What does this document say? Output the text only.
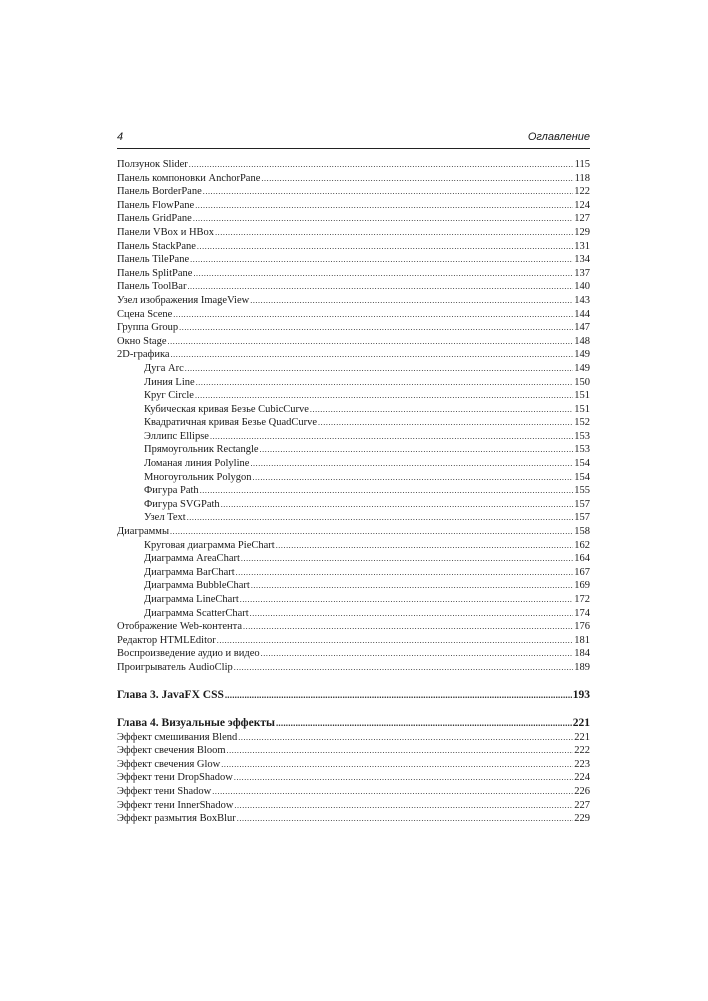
4	Оглавление
Ползунок Slider .....	115
Панель компоновки AnchorPane .....	118
Панель BorderPane .....	122
Панель FlowPane .....	124
Панель GridPane .....	127
Панели VBox и HBox .....	129
Панель StackPane .....	131
Панель TilePane .....	134
Панель SplitPane .....	137
Панель ToolBar .....	140
Узел изображения ImageView .....	143
Сцена Scene .....	144
Группа Group .....	147
Окно Stage .....	148
2D-графика .....	149
Дуга Arc .....	149
Линия Line .....	150
Круг Circle .....	151
Кубическая кривая Безье CubicCurve .....	151
Квадратичная кривая Безье QuadCurve .....	152
Эллипс Ellipse .....	153
Прямоугольник Rectangle .....	153
Ломаная линия Polyline .....	154
Многоугольник Polygon .....	154
Фигура Path .....	155
Фигура SVGPath .....	157
Узел Text .....	157
Диаграммы .....	158
Круговая диаграмма PieChart .....	162
Диаграмма AreaChart .....	164
Диаграмма BarChart .....	167
Диаграмма BubbleChart .....	169
Диаграмма LineChart .....	172
Диаграмма ScatterChart .....	174
Отображение Web-контента .....	176
Редактор HTMLEditor .....	181
Воспроизведение аудио и видео .....	184
Проигрыватель AudioClip .....	189
Глава 3. JavaFX CSS .....	193
Глава 4. Визуальные эффекты .....	221
Эффект смешивания Blend .....	221
Эффект свечения Bloom .....	222
Эффект свечения Glow .....	223
Эффект тени DropShadow .....	224
Эффект тени Shadow .....	226
Эффект тени InnerShadow .....	227
Эффект размытия BoxBlur .....	229
